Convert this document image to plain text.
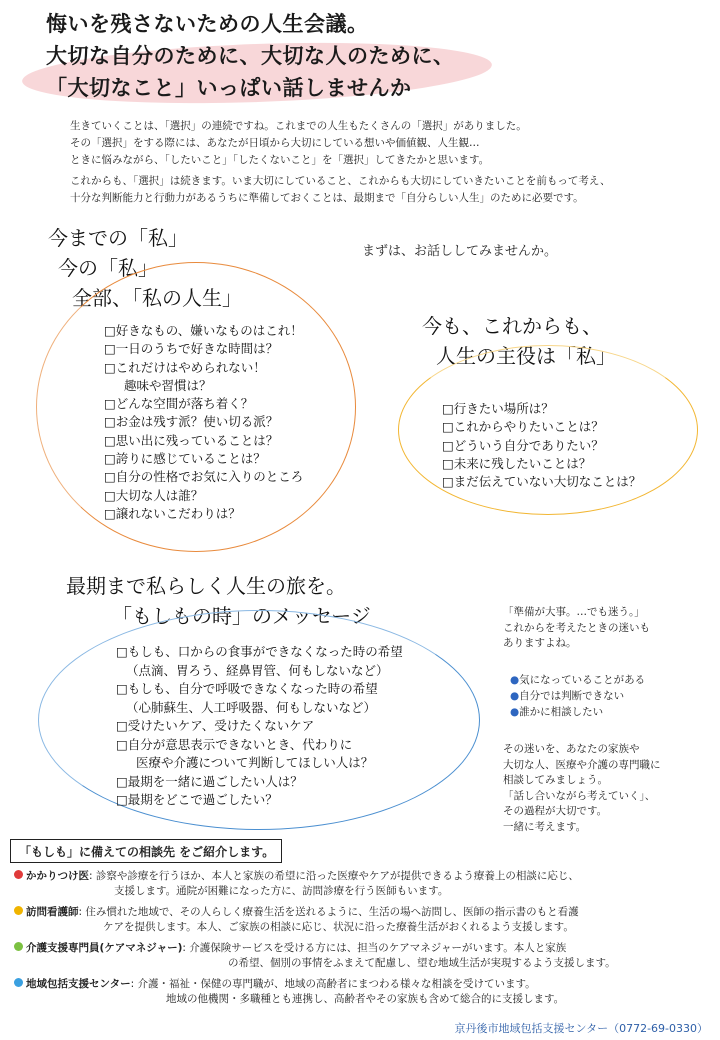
悔いを残さないための人生会議。
大切な自分のために、大切な人のために、
「大切なこと」いっぱい話しませんか

生きていくことは、「選択」の連続ですね。これまでの人生もたくさんの「選択」がありました。

その「選択」をする際には、あなたが日頃から大切にしている想いや価値観、人生観…

ときに悩みながら、「したいこと」「したくないこと」を「選択」してきたかと思います。

これからも、「選択」は続きます。いま大切にしていること、これからも大切にしていきたいことを前もって考え、

十分な判断能力と行動力があるうちに準備しておくことは、最期まで「自分らしい人生」のために必要です。

今までの「
私」
今の「
私」
全部、「
私の人生」
□好きなもの、嫌いなものはこれ！
□一日のうちで好きな時間は？
□これだけはやめられない！
趣味や習慣は？
□どんな空間が落ち着く？
□お金は残す派？使い切る派？
□思い出に残っていることは？
□誇りに感じていることは？
□自分の性格でお気に入りのところ
□大切な人は誰？
□譲れないこだわりは？
まずは、お話ししてみませんか。
今も、これからも、
人生の主役は「
私」
□行きたい場所は？
□これからやりたいことは？
□どういう自分でありたい？
□未来に残したいことは？
□まだ伝えていない大切なことは？
最期まで
私らしく人生の旅を。
「もしもの時」のメッセージ
□もしも、口からの食事ができなくなった時の希望
（点滴、胃ろう、経鼻胃管、何もしないなど）
□もしも、自分で呼吸できなくなった時の希望
（心肺蘇生、人工呼吸器、何もしないなど）
□受けたいケア、受けたくないケア
□自分が意思表示できないとき、代わりに
医療や介護について判断してほしい人は？
□最期を一緒に過ごしたい人は？
□最期をどこで過ごしたい？
「準備が大事。…でも迷う。」
これからを考えたときの迷いも
ありますよね。
●気になっていることがある
●自分では判断できない
●誰かに相談したい
その迷いを、あなたの家族や
大切な人、医療や介護の専門職に
相談してみましょう。
「話し合いながら考えていく」、
その過程が大切です。
一緒に考えます。
「もしも」に備えての相談先 をご紹介します。
かかりつけ医: 診察や診療を行うほか、本人と家族の希望に沿った医療やケアが提供できるよう療養上の相談に応じ、
支援します。通院が困難になった方に、訪問診療を行う医師もいます。
訪問看護師: 住み慣れた地域で、その人らしく療養生活を送れるように、生活の場へ訪問し、医師の指示書のもと看護
ケアを提供します。本人、ご家族の相談に応じ、状況に沿った療養生活がおくれるよう支援します。
介護支援専門員(ケアマネジャー): 介護保険サービスを受ける方には、担当のケアマネジャーがいます。本人と家族
の希望、個別の事情をふまえて配慮し、望む地域生活が実現するよう支援します。
地域包括支援センター: 介護・福祉・保健の専門職が、地域の高齢者にまつわる様々な相談を受けています。
地域の他機関・多職種とも連携し、高齢者やその家族も含めて総合的に支援します。
京丹後市地域包括支援センター（0772-69-0330）
